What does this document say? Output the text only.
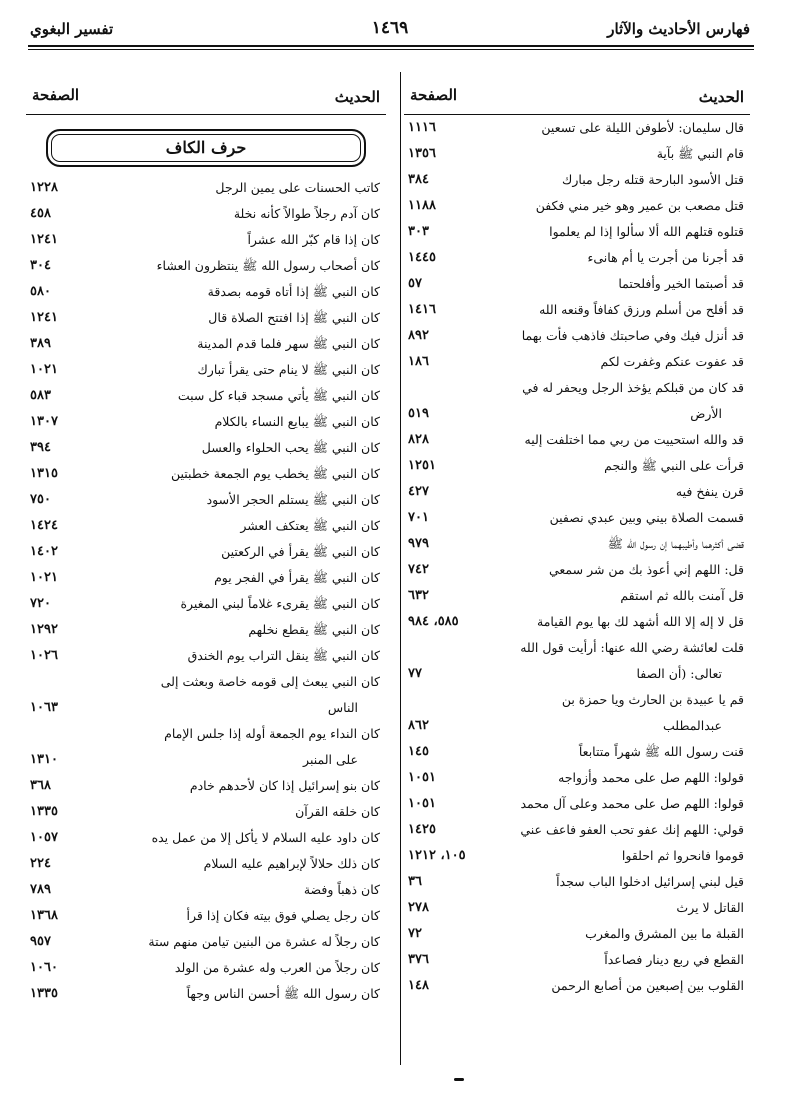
فهارس الأحاديث والآثار
١٤٦٩
تفسير البغوي
الحديث
الصفحة
قال سليمان: لأطوفن الليلة على تسعين
١١١٦
قام النبي ﷺ بآية
١٣٥٦
قتل الأسود البارحة قتله رجل مبارك
٣٨٤
قتل مصعب بن عمير وهو خير مني فكفن
١١٨٨
قتلوه قتلهم الله ألا سألوا إذا لم يعلموا
٣٠٣
قد أجرنا من أجرت يا أم هانىء
١٤٤٥
قد أصبتما الخير وأفلحتما
٥٧
قد أفلح من أسلم ورزق كفافاً وقنعه الله
١٤١٦
قد أنزل فيك وفي صاحبتك فاذهب فأت بهما
٨٩٢
قد عفوت عنكم وغفرت لكم
١٨٦
قد كان من قبلكم يؤخذ الرجل ويحفر له في
الأرض
٥١٩
قد والله استحييت من ربي مما اختلفت إليه
٨٢٨
قرأت على النبي ﷺ والنجم
١٢٥١
قرن ينفخ فيه
٤٢٧
قسمت الصلاة بيني وبين عبدي نصفين
٧٠١
قضى أكثرهما وأطيبهما إن رسول الله ﷺ
٩٧٩
قل: اللهم إني أعوذ بك من شر سمعي
٧٤٢
قل آمنت بالله ثم استقم
٦٣٢
قل لا إله إلا الله أشهد لك بها يوم القيامة
٥٨٥، ٩٨٤
قلت لعائشة رضي الله عنها: أرأيت قول الله
تعالى: (أن الصفا
٧٧
قم يا عبيدة بن الحارث ويا حمزة بن
عبدالمطلب
٨٦٢
قنت رسول الله ﷺ شهراً متتابعاً
١٤٥
قولوا: اللهم صل على محمد وأزواجه
١٠٥١
قولوا: اللهم صل على محمد وعلى آل محمد
١٠٥١
قولي: اللهم إنك عفو تحب العفو فاعف عني
١٤٢٥
قوموا فانحروا ثم احلقوا
١٠٥، ١٢١٢
قيل لبني إسرائيل ادخلوا الباب سجداً
٣٦
القاتل لا يرث
٢٧٨
القبلة ما بين المشرق والمغرب
٧٢
القطع في ربع دينار فصاعداً
٣٧٦
القلوب بين إصبعين من أصابع الرحمن
١٤٨
الحديث
الصفحة
حرف الكاف
كاتب الحسنات على يمين الرجل
١٢٢٨
كان آدم رجلاً طوالاً كأنه نخلة
٤٥٨
كان إذا قام كبّر الله عشراً
١٢٤١
كان أصحاب رسول الله ﷺ ينتظرون العشاء
٣٠٤
كان النبي ﷺ إذا أتاه قومه بصدقة
٥٨٠
كان النبي ﷺ إذا افتتح الصلاة قال
١٢٤١
كان النبي ﷺ سهر فلما قدم المدينة
٣٨٩
كان النبي ﷺ لا ينام حتى يقرأ تبارك
١٠٢١
كان النبي ﷺ يأتي مسجد قباء كل سبت
٥٨٣
كان النبي ﷺ يبايع النساء بالكلام
١٣٠٧
كان النبي ﷺ يحب الحلواء والعسل
٣٩٤
كان النبي ﷺ يخطب يوم الجمعة خطبتين
١٣١٥
كان النبي ﷺ يستلم الحجر الأسود
٧٥٠
كان النبي ﷺ يعتكف العشر
١٤٢٤
كان النبي ﷺ يقرأ في الركعتين
١٤٠٢
كان النبي ﷺ يقرأ في الفجر يوم
١٠٢١
كان النبي ﷺ يقرىء غلاماً لبني المغيرة
٧٢٠
كان النبي ﷺ يقطع نخلهم
١٢٩٢
كان النبي ﷺ ينقل التراب يوم الخندق
١٠٢٦
كان النبي يبعث إلى قومه خاصة وبعثت إلى
الناس
١٠٦٣
كان النداء يوم الجمعة أوله إذا جلس الإمام
على المنبر
١٣١٠
كان بنو إسرائيل إذا كان لأحدهم خادم
٣٦٨
كان خلقه القرآن
١٣٣٥
كان داود عليه السلام لا يأكل إلا من عمل يده
١٠٥٧
كان ذلك حلالاً لإبراهيم عليه السلام
٢٢٤
كان ذهباً وفضة
٧٨٩
كان رجل يصلي فوق بيته فكان إذا قرأ
١٣٦٨
كان رجلاً له عشرة من البنين تيامن منهم ستة
٩٥٧
كان رجلاً من العرب وله عشرة من الولد
١٠٦٠
كان رسول الله ﷺ أحسن الناس وجهاً
١٣٣٥
